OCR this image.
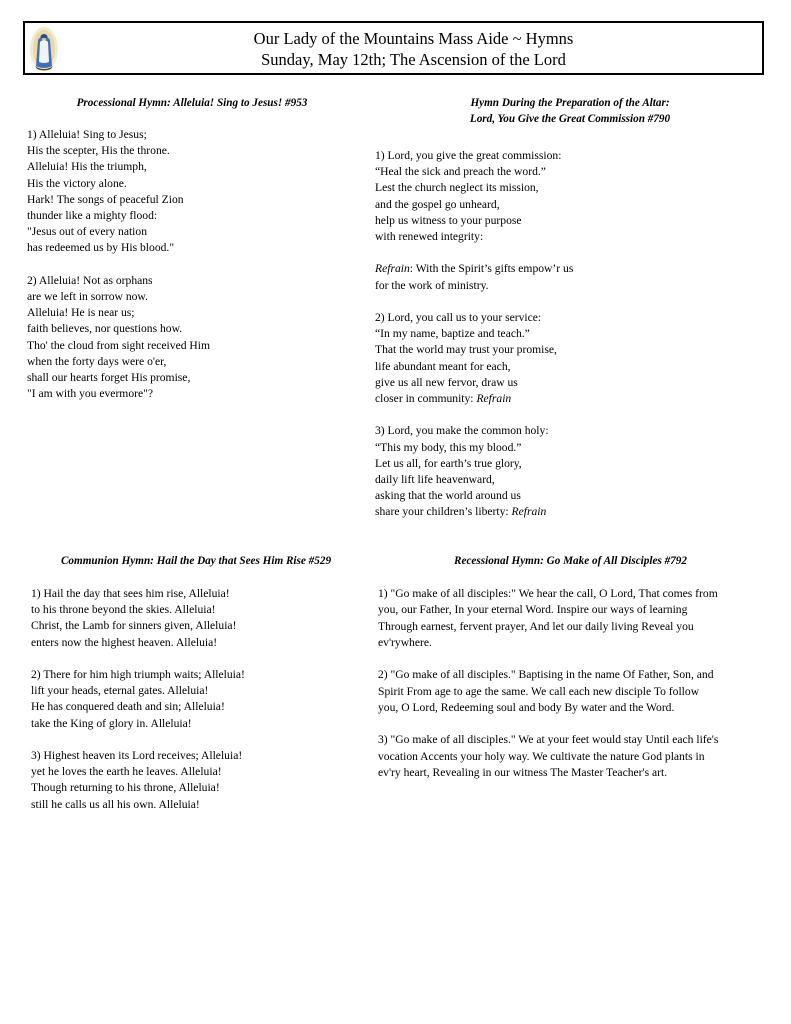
Our Lady of the Mountains Mass Aide ~ Hymns
Sunday, May 12th; The Ascension of the Lord
Processional Hymn: Alleluia! Sing to Jesus! #953
1) Alleluia! Sing to Jesus;
His the scepter, His the throne.
Alleluia! His the triumph,
His the victory alone.
Hark! The songs of peaceful Zion
thunder like a mighty flood:
"Jesus out of every nation
has redeemed us by His blood."
2) Alleluia! Not as orphans
are we left in sorrow now.
Alleluia! He is near us;
faith believes, nor questions how.
Tho' the cloud from sight received Him
when the forty days were o'er,
shall our hearts forget His promise,
"I am with you evermore"?
Hymn During the Preparation of the Altar:
Lord, You Give the Great Commission #790
1) Lord, you give the great commission:
“Heal the sick and preach the word.”
Lest the church neglect its mission,
and the gospel go unheard,
help us witness to your purpose
with renewed integrity:
Refrain: With the Spirit’s gifts empow’r us
for the work of ministry.
2) Lord, you call us to your service:
“In my name, baptize and teach.”
That the world may trust your promise,
life abundant meant for each,
give us all new fervor, draw us
closer in community: Refrain
3) Lord, you make the common holy:
“This my body, this my blood.”
Let us all, for earth’s true glory,
daily lift life heavenward,
asking that the world around us
share your children’s liberty: Refrain
Communion Hymn: Hail the Day that Sees Him Rise #529
1) Hail the day that sees him rise, Alleluia!
to his throne beyond the skies. Alleluia!
Christ, the Lamb for sinners given, Alleluia!
enters now the highest heaven. Alleluia!
2) There for him high triumph waits; Alleluia!
lift your heads, eternal gates. Alleluia!
He has conquered death and sin; Alleluia!
take the King of glory in. Alleluia!
3) Highest heaven its Lord receives; Alleluia!
yet he loves the earth he leaves. Alleluia!
Though returning to his throne, Alleluia!
still he calls us all his own. Alleluia!
Recessional Hymn: Go Make of All Disciples #792
1) "Go make of all disciples:" We hear the call, O Lord, That comes from
you, our Father, In your eternal Word. Inspire our ways of learning
Through earnest, fervent prayer, And let our daily living Reveal you
ev'rywhere.
2) "Go make of all disciples." Baptising in the name Of Father, Son, and
Spirit From age to age the same. We call each new disciple To follow
you, O Lord, Redeeming soul and body By water and the Word.
3) "Go make of all disciples." We at your feet would stay Until each life's
vocation Accents your holy way. We cultivate the nature God plants in
ev'ry heart, Revealing in our witness The Master Teacher's art.
